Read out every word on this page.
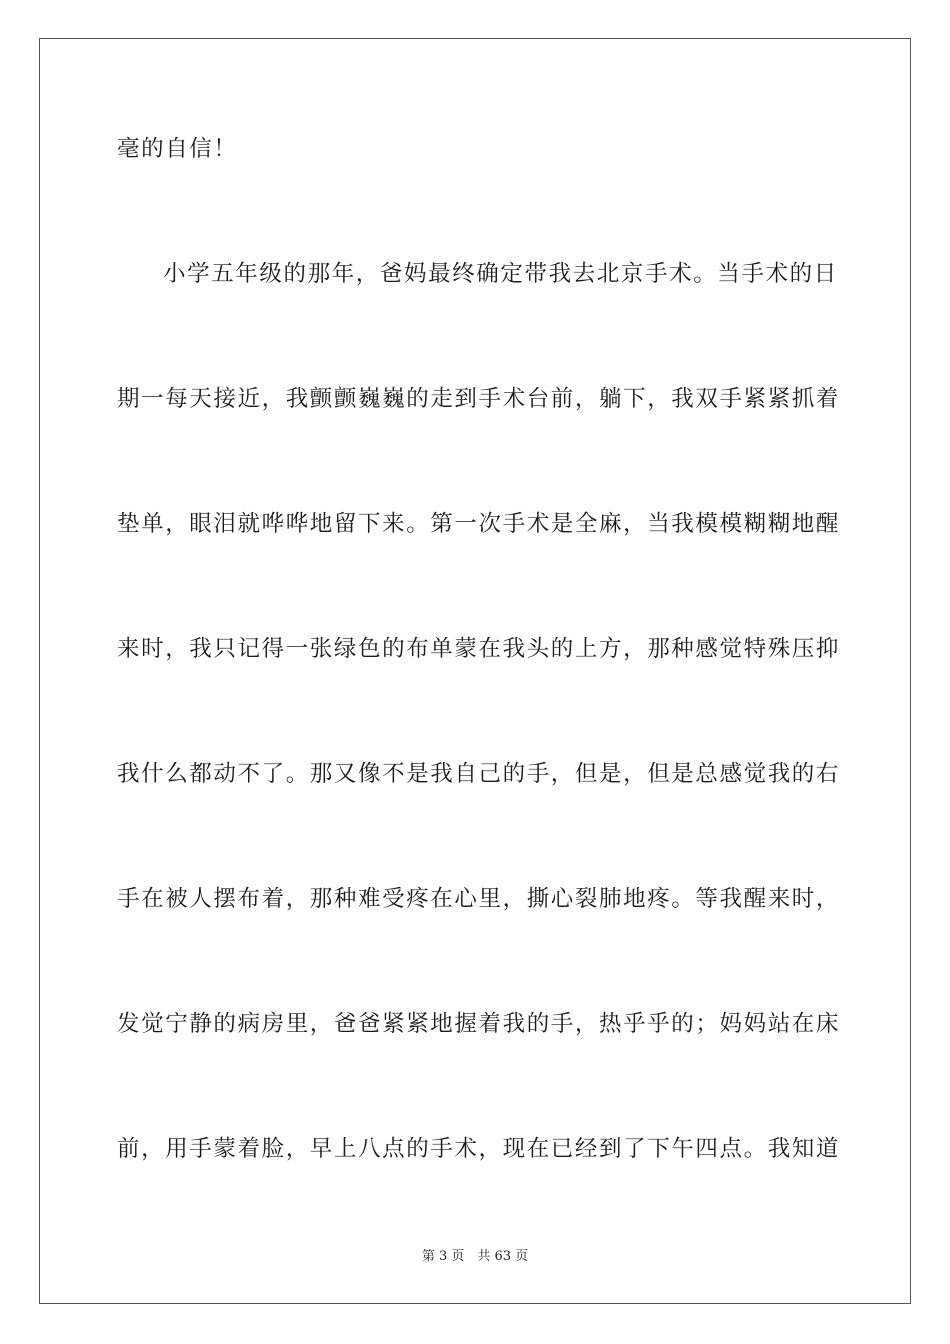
毫的自信！
小学五年级的那年，爸妈最终确定带我去北京手术。当手术的日
期一每天接近，我颤颤巍巍的走到手术台前，躺下，我双手紧紧抓着
垫单，眼泪就哗哗地留下来。第一次手术是全麻，当我模模糊糊地醒
来时，我只记得一张绿色的布单蒙在我头的上方，那种感觉特殊压抑
我什么都动不了。那又像不是我自己的手，但是，但是总感觉我的右
手在被人摆布着，那种难受疼在心里，撕心裂肺地疼。等我醒来时，
发觉宁静的病房里，爸爸紧紧地握着我的手，热乎乎的；妈妈站在床
前，用手蒙着脸，早上八点的手术，现在已经到了下午四点。我知道
第 3 页　共 63 页
